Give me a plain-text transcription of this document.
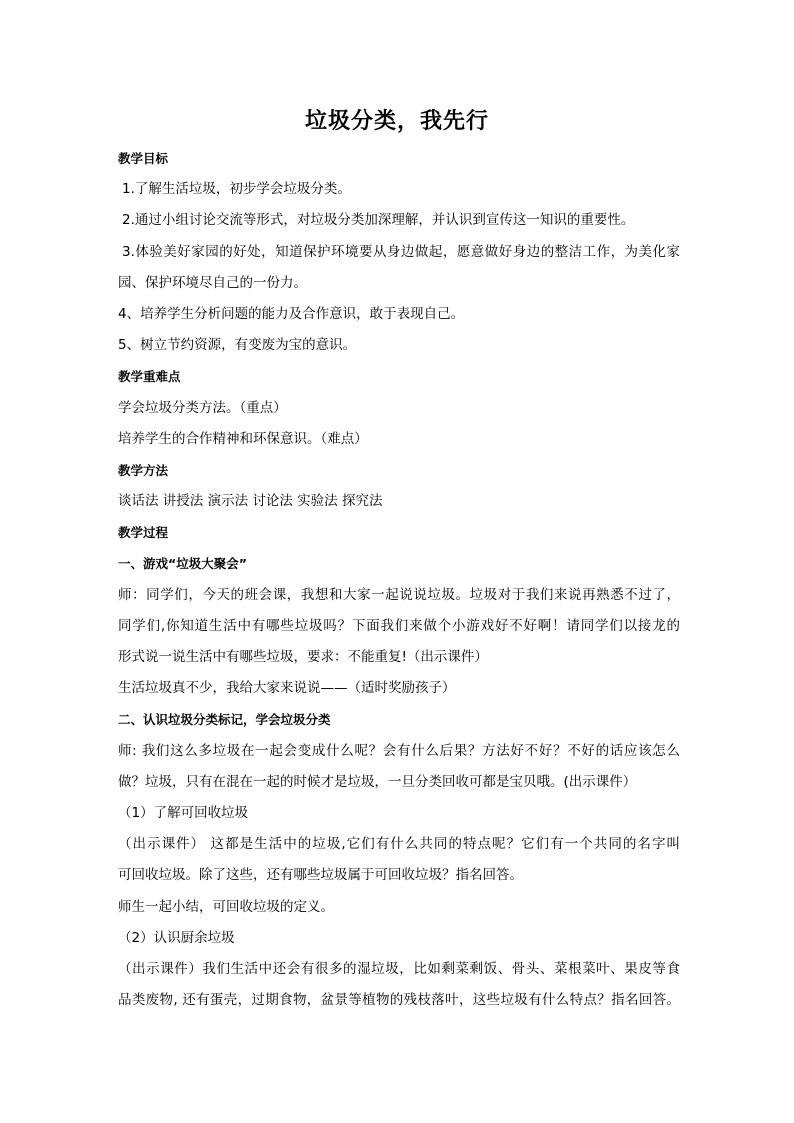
垃圾分类，我先行
教学目标
1.了解生活垃圾，初步学会垃圾分类。
2.通过小组讨论交流等形式，对垃圾分类加深理解，并认识到宣传这一知识的重要性。
3.体验美好家园的好处，知道保护环境要从身边做起，愿意做好身边的整洁工作，为美化家
园、保护环境尽自己的一份力。
4、培养学生分析问题的能力及合作意识，敢于表现自己。
5、树立节约资源，有变废为宝的意识。
教学重难点
学会垃圾分类方法。（重点）
培养学生的合作精神和环保意识。（难点）
教学方法
谈话法 讲授法 演示法 讨论法 实验法 探究法
教学过程
一、游戏“垃圾大聚会”
师：同学们，今天的班会课，我想和大家一起说说垃圾。垃圾对于我们来说再熟悉不过了，
同学们,你知道生活中有哪些垃圾吗？下面我们来做个小游戏好不好啊！请同学们以接龙的
形式说一说生活中有哪些垃圾，要求：不能重复!（出示课件）
生活垃圾真不少，我给大家来说说——（适时奖励孩子）
二、认识垃圾分类标记，学会垃圾分类
师: 我们这么多垃圾在一起会变成什么呢？会有什么后果？方法好不好？不好的话应该怎么
做？垃圾，只有在混在一起的时候才是垃圾，一旦分类回收可都是宝贝哦。(出示课件）
（1）了解可回收垃圾
（出示课件） 这都是生活中的垃圾,它们有什么共同的特点呢？它们有一个共同的名字叫
可回收垃圾。除了这些，还有哪些垃圾属于可回收垃圾？指名回答。
师生一起小结，可回收垃圾的定义。
（2）认识厨余垃圾
（出示课件）我们生活中还会有很多的湿垃圾，比如剩菜剩饭、骨头、菜根菜叶、果皮等食
品类废物, 还有蛋壳，过期食物，盆景等植物的残枝落叶，这些垃圾有什么特点？指名回答。
